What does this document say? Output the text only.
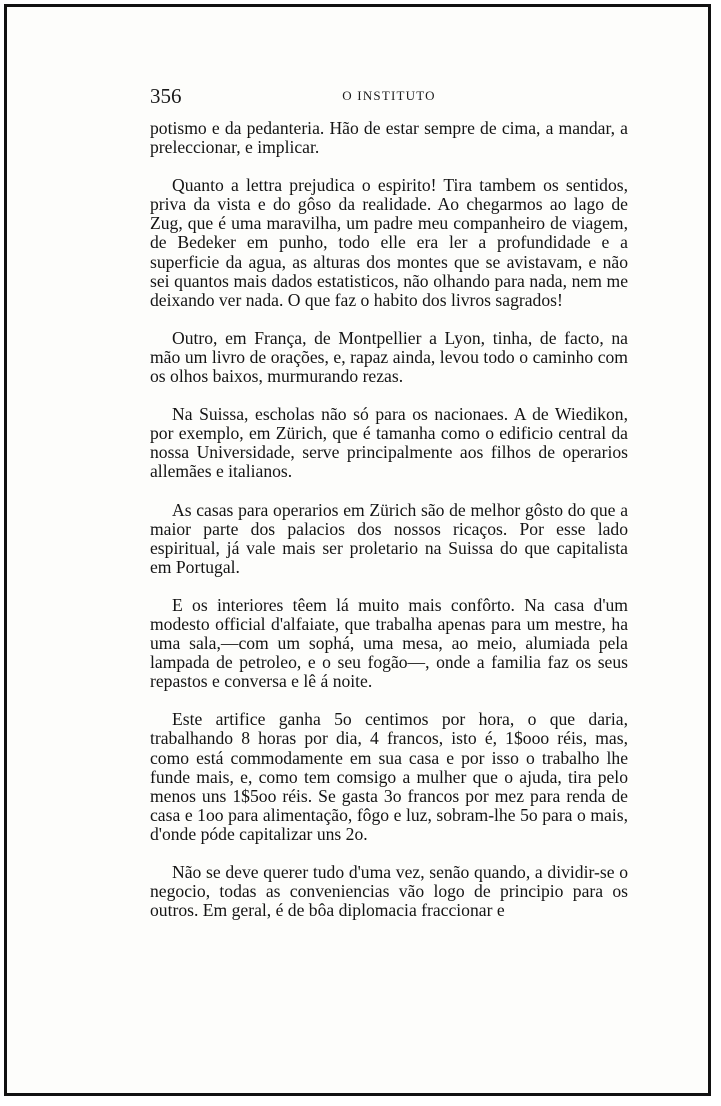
356	O INSTITUTO

potismo e da pedanteria. Hão de estar sempre de cima, a mandar, a preleccionar, e implicar.

Quanto a lettra prejudica o espirito! Tira tambem os sentidos, priva da vista e do gôso da realidade. Ao chegarmos ao lago de Zug, que é uma maravilha, um padre meu companheiro de viagem, de Bedeker em punho, todo elle era ler a profundidade e a superficie da agua, as alturas dos montes que se avistavam, e não sei quantos mais dados estatisticos, não olhando para nada, nem me deixando ver nada. O que faz o habito dos livros sagrados!

Outro, em França, de Montpellier a Lyon, tinha, de facto, na mão um livro de orações, e, rapaz ainda, levou todo o caminho com os olhos baixos, murmurando rezas.

Na Suissa, escholas não só para os nacionaes. A de Wiedikon, por exemplo, em Zürich, que é tamanha como o edificio central da nossa Universidade, serve principalmente aos filhos de operarios allemães e italianos.

As casas para operarios em Zürich são de melhor gôsto do que a maior parte dos palacios dos nossos ricaços. Por esse lado espiritual, já vale mais ser proletario na Suissa do que capitalista em Portugal.

E os interiores têem lá muito mais confôrto. Na casa d'um modesto official d'alfaiate, que trabalha apenas para um mestre, ha uma sala,—com um sophá, uma mesa, ao meio, alumiada pela lampada de petroleo, e o seu fogão—, onde a familia faz os seus repastos e conversa e lê á noite.

Este artifice ganha 5o centimos por hora, o que daria, trabalhando 8 horas por dia, 4 francos, isto é, 1$ooo réis, mas, como está commodamente em sua casa e por isso o trabalho lhe funde mais, e, como tem comsigo a mulher que o ajuda, tira pelo menos uns 1$5oo réis. Se gasta 3o francos por mez para renda de casa e 1oo para alimentação, fôgo e luz, sobram-lhe 5o para o mais, d'onde póde capitalizar uns 2o.

Não se deve querer tudo d'uma vez, senão quando, a dividir-se o negocio, todas as conveniencias vão logo de principio para os outros. Em geral, é de bôa diplomacia fraccionar e
